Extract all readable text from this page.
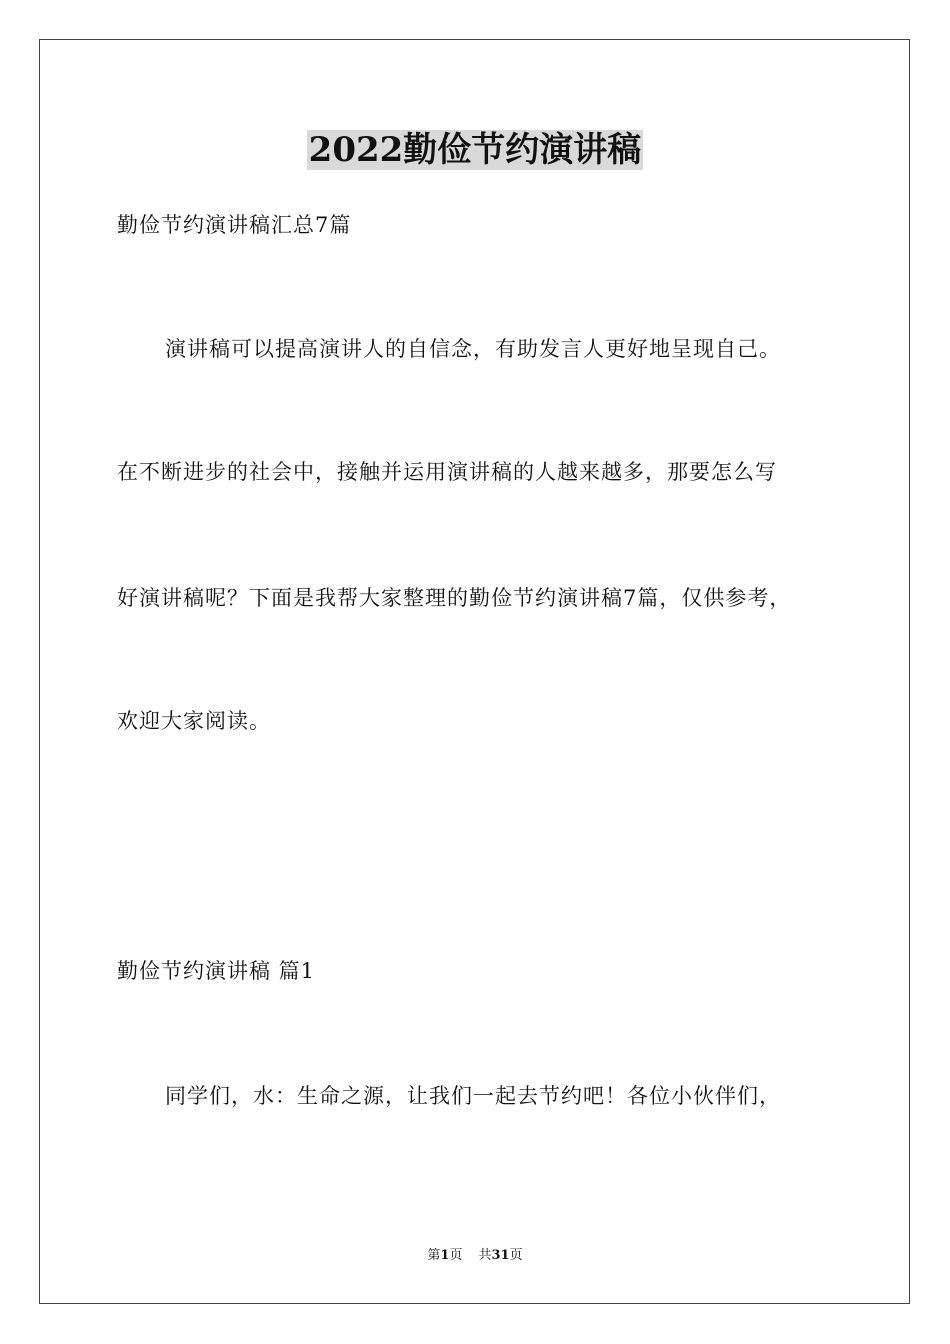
2022勤俭节约演讲稿
勤俭节约演讲稿汇总7篇
演讲稿可以提高演讲人的自信念，有助发言人更好地呈现自己。
在不断进步的社会中，接触并运用演讲稿的人越来越多，那要怎么写
好演讲稿呢？下面是我帮大家整理的勤俭节约演讲稿7篇，仅供参考，
欢迎大家阅读。
勤俭节约演讲稿 篇1
同学们，水：生命之源，让我们一起去节约吧！各位小伙伴们，
第1页 共31页
